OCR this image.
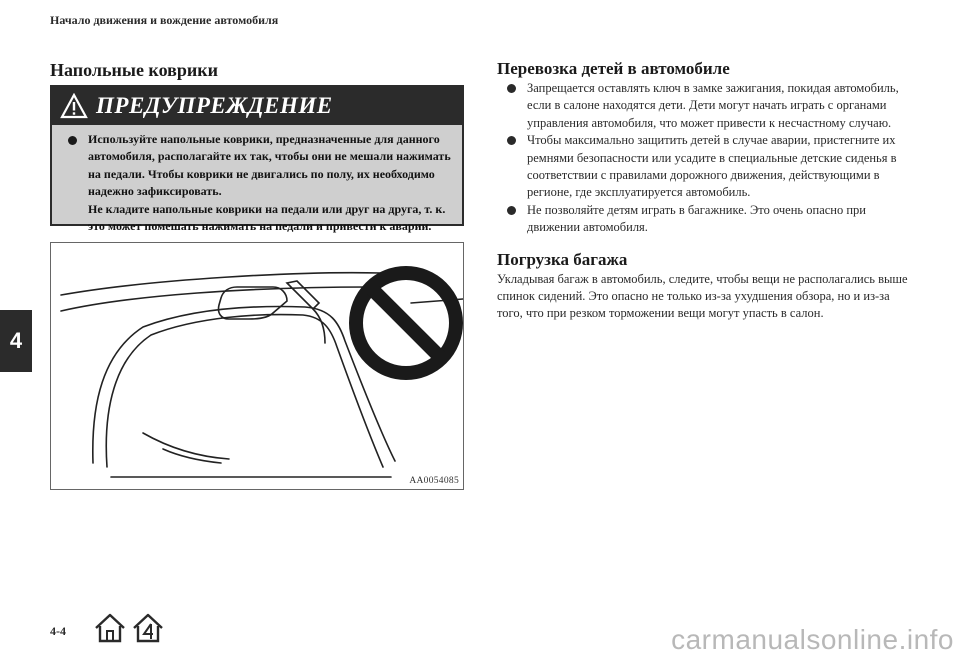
Начало движения и вождение автомобиля
Напольные коврики
ПРЕДУПРЕЖДЕНИЕ

Используйте напольные коврики, предназначенные для данного автомобиля, располагайте их так, чтобы они не мешали нажимать на педали. Чтобы коврики не двигались по полу, их необходимо надежно зафиксировать.

Не кладите напольные коврики на педали или друг на друга, т. к. это может помешать нажимать на педали и привести к аварии.

AA0054085
4
Перевозка детей в автомобиле
Запрещается оставлять ключ в замке зажигания, покидая автомобиль, если в салоне находятся дети. Дети могут начать играть с органами управления автомобиля, что может привести к несчастному случаю.
Чтобы максимально защитить детей в случае аварии, пристегните их ремнями безопасности или усадите в специальные детские сиденья в соответствии с правилами дорожного движения, действующими в регионе, где эксплуатируется автомобиль.
Не позволяйте детям играть в багажнике. Это очень опасно при движении автомобиля.
Погрузка багажа

Укладывая багаж в автомобиль, следите, чтобы вещи не располагались выше спинок сидений. Это опасно не только из-за ухудшения обзора, но и из-за того, что при резком торможении вещи могут упасть в салон.

4-4	carmanualsonline.info
